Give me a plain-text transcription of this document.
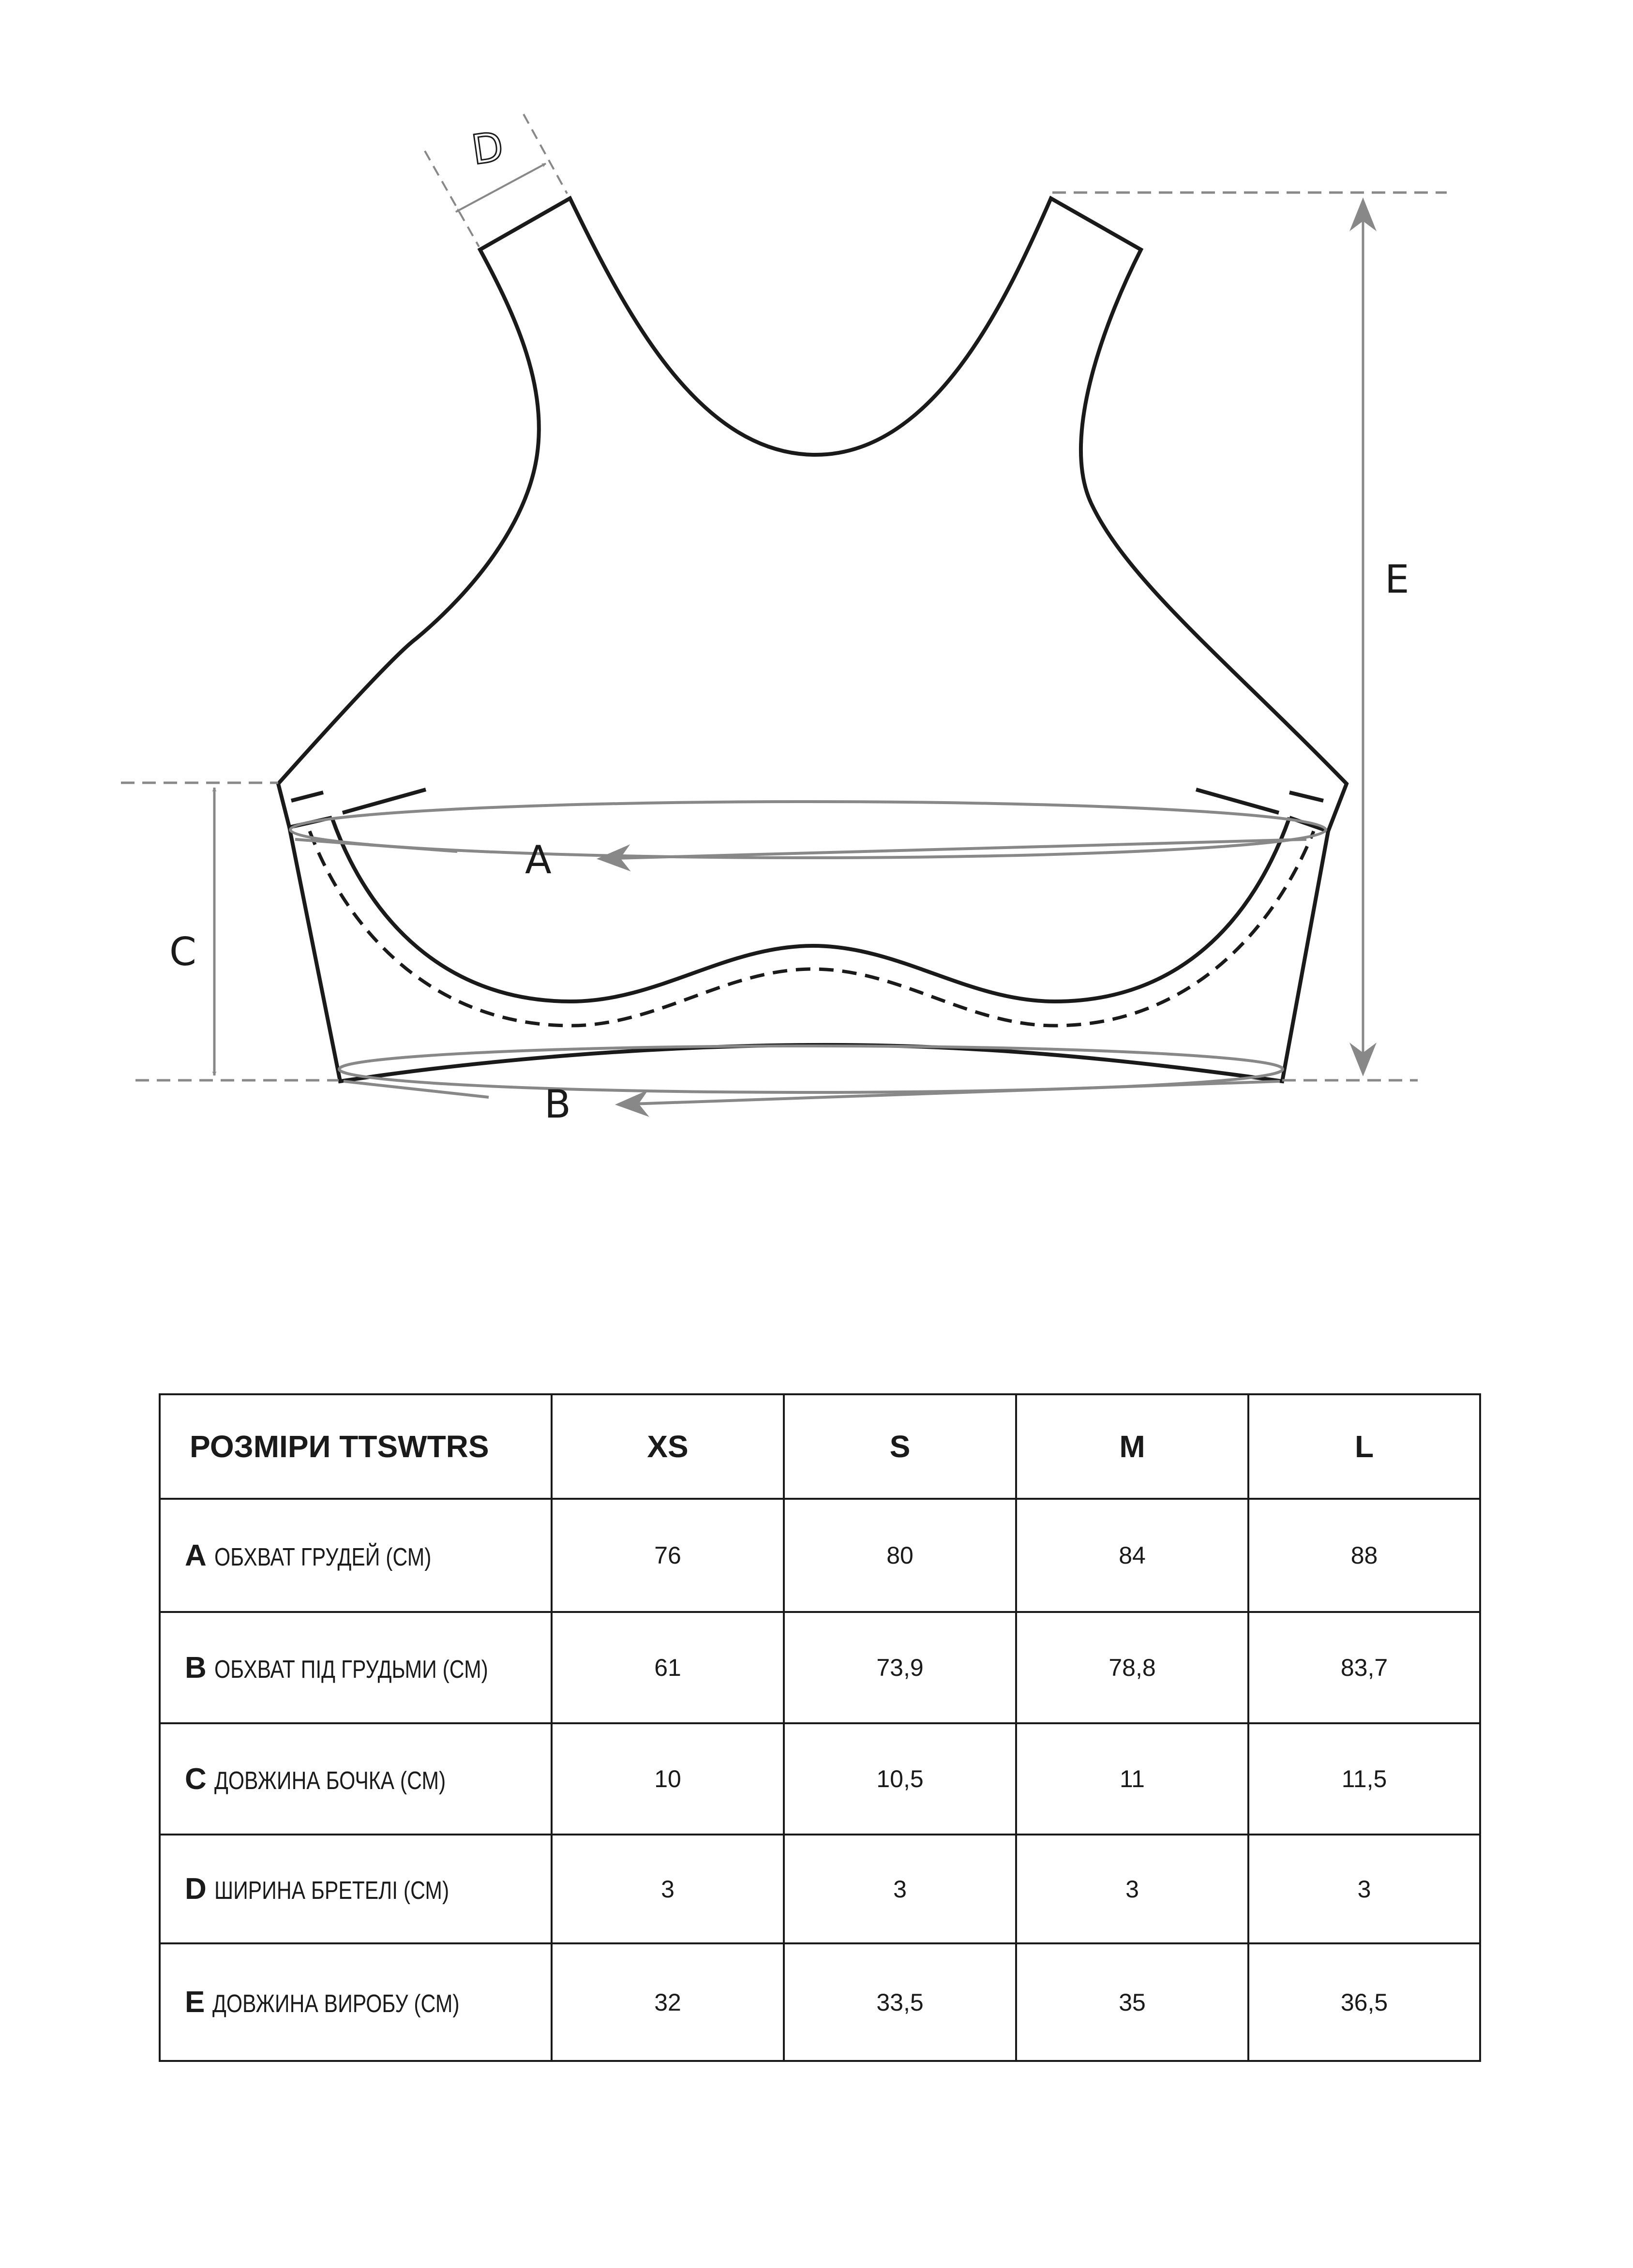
A
B
C
D
E
РОЗМІРИ TTSWTRS	XS	S	M	L
A ОБХВАТ ГРУДЕЙ (СМ)	76	80	84	88
B ОБХВАТ ПІД ГРУДЬМИ (СМ)	61	73,9	78,8	83,7
C ДОВЖИНА БОЧКА (СМ)	10	10,5	11	11,5
D ШИРИНА БРЕТЕЛІ (СМ)	3	3	3	3
E ДОВЖИНА ВИРОБУ (СМ)	32	33,5	35	36,5
